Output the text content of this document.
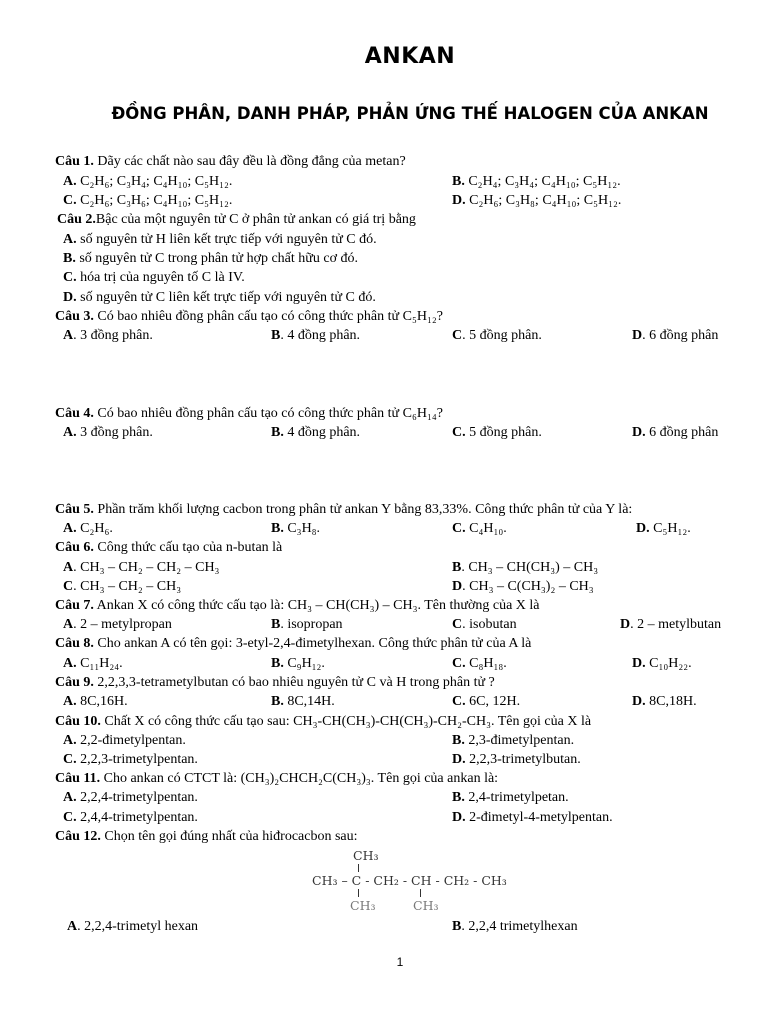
ANKAN
ĐỒNG PHÂN, DANH PHÁP, PHẢN ỨNG THẾ HALOGEN CỦA ANKAN
Câu 1. Dãy các chất nào sau đây đều là đồng đẳng của metan?
A. C₂H₆; C₃H₄; C₄H₁₀; C₅H₁₂.	B. C₂H₄; C₃H₄; C₄H₁₀; C₅H₁₂.
C. C₂H₆; C₃H₆; C₄H₁₀; C₅H₁₂.	D. C₂H₆; C₃H₈; C₄H₁₀; C₅H₁₂.
Câu 2.Bậc của một nguyên tử C ở phân tử ankan có giá trị bằng
A. số nguyên tử H liên kết trực tiếp với nguyên tử C đó.
B. số nguyên tử C trong phân tử hợp chất hữu cơ đó.
C. hóa trị của nguyên tố C là IV.
D. số nguyên tử C liên kết trực tiếp với nguyên tử C đó.
Câu 3. Có bao nhiêu đồng phân cấu tạo có công thức phân tử C₅H₁₂?
A. 3 đồng phân.	B. 4 đồng phân.	C. 5 đồng phân.	D. 6 đồng phân
Câu 4. Có bao nhiêu đồng phân cấu tạo có công thức phân tử C₆H₁₄?
A. 3 đồng phân.	B. 4 đồng phân.	C. 5 đồng phân.	D. 6 đồng phân
Câu 5. Phần trăm khối lượng cacbon trong phân tử ankan Y bằng 83,33%. Công thức phân tử của Y là:
A. C₂H₆.	B. C₃H₈.	C. C₄H₁₀.	D. C₅H₁₂.
Câu 6. Công thức cấu tạo của n-butan là
A. CH₃ – CH₂ – CH₂ – CH₃	B. CH₃ – CH(CH₃) – CH₃
C. CH₃ – CH₂ – CH₃	D. CH₃ – C(CH₃)₂ – CH₃
Câu 7. Ankan X có công thức cấu tạo là: CH₃ – CH(CH₃) – CH₃. Tên thường của X là
A. 2 – metylpropan	B. isopropan	C. isobutan	D. 2 – metylbutan
Câu 8. Cho ankan A có tên gọi: 3-etyl-2,4-đimetylhexan. Công thức phân tử của A là
A. C₁₁H₂₄.	B. C₉H₁₂.	C. C₈H₁₈.	D. C₁₀H₂₂.
Câu 9. 2,2,3,3-tetrametylbutan có bao nhiêu nguyên tử C và H trong phân tử ?
A. 8C,16H.	B. 8C,14H.	C. 6C, 12H.	D. 8C,18H.
Câu 10. Chất X có công thức cấu tạo sau: CH₃-CH(CH₃)-CH(CH₃)-CH₂-CH₃. Tên gọi của X là
A. 2,2-đimetylpentan.	B. 2,3-đimetylpentan.
C. 2,2,3-trimetylpentan.	D. 2,2,3-trimetylbutan.
Câu 11. Cho ankan có CTCT là: (CH₃)₂CHCH₂C(CH₃)₃. Tên gọi của ankan là:
A. 2,2,4-trimetylpentan.	B. 2,4-trimetylpetan.
C. 2,4,4-trimetylpentan.	D. 2-đimetyl-4-metylpentan.
Câu 12. Chọn tên gọi đúng nhất của hiđrocacbon sau:
CH₃
CH₃ – C - CH₂ - CH - CH₂ - CH₃
CH₃	CH₃
A. 2,2,4-trimetyl hexan	B. 2,2,4 trimetylhexan
1
